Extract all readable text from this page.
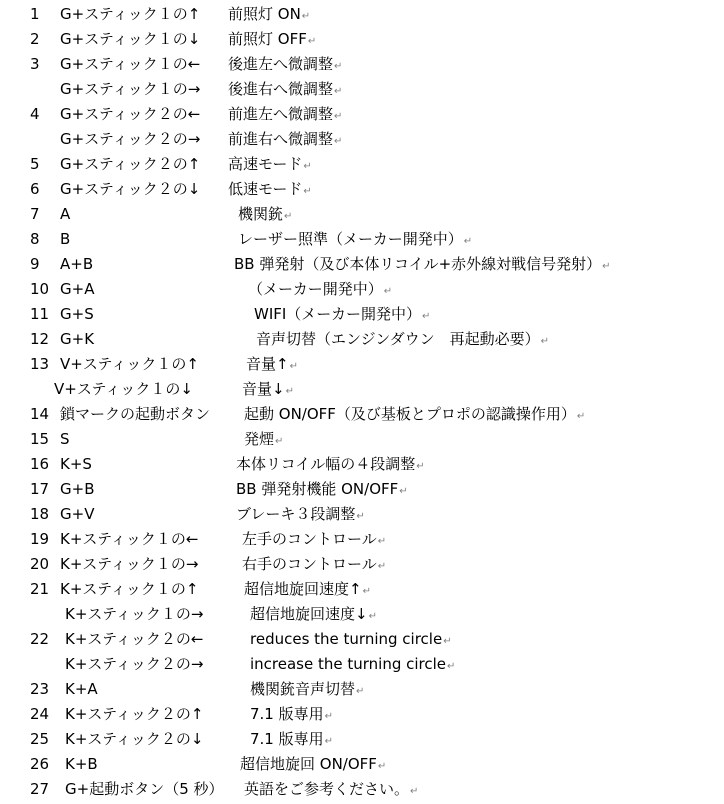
1	G+スティック１の↑ 前照灯 ON↵
2	G+スティック１の↓ 前照灯 OFF↵
3	G+スティック１の← 後進左へ微調整↵
G+スティック１の→ 後進右へ微調整↵
4	G+スティック２の← 前進左へ微調整↵
G+スティック２の→ 前進右へ微調整↵
5	G+スティック２の↑ 高速モード↵
6	G+スティック２の↓ 低速モード↵
7	A	機関銃↵
8	B	レーザー照準（メーカー開発中）↵
9	A+B	BB 弾発射（及び本体リコイル+赤外線対戦信号発射）↵
10 G+A	（メーカー開発中）↵
11 G+S	WIFI（メーカー開発中）↵
12 G+K	音声切替（エンジンダウン　再起動必要）↵
13 V+スティック１の↑	音量↑↵
V+スティック１の↓	音量↓↵
14 鎖マークの起動ボタン 起動 ON/OFF（及び基板とプロポの認識操作用）↵
15 S	発煙↵
16 K+S	本体リコイル幅の４段調整↵
17 G+B	BB 弾発射機能 ON/OFF↵
18 G+V	ブレーキ３段調整↵
19 K+スティック１の←	左手のコントロール↵
20 K+スティック１の→	右手のコントロール↵
21 K+スティック１の↑	超信地旋回速度↑↵
K+スティック１の→	超信地旋回速度↓↵
22	K+スティック２の←	reduces the turning circle↵
K+スティック２の→	increase the turning circle↵
23	K+A	機関銃音声切替↵
24	K+スティック２の↑	7.1 版専用↵
25	K+スティック２の↓	7.1 版専用↵
26	K+B	超信地旋回 ON/OFF↵
27	G+起動ボタン（5 秒） 英語をご参考ください。↵
